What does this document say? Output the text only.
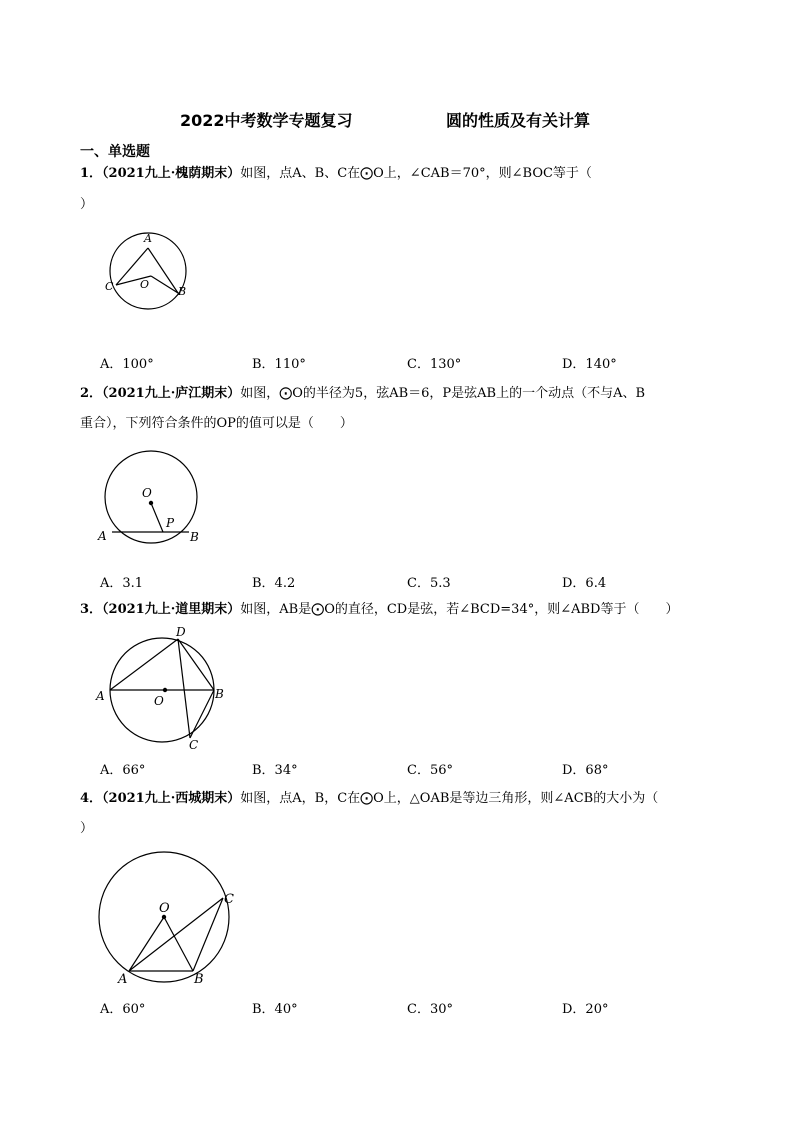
2022中考数学专题复习	圆的性质及有关计算
一、单选题
1．（2021九上·槐荫期末）如图，点A、B、C在⨀O上，∠CAB＝70°，则∠BOC等于（
）
A
C O
B
A．100°	B．110°	C．130°	D．140°
2．（2021九上·庐江期末）如图，⨀O的半径为5，弦AB＝6，P是弦AB上的一个动点（不与A、B
重合），下列符合条件的OP的值可以是（　　）
O
P
A	B
A．3.1	B．4.2	C．5.3	D．6.4
3．（2021九上·道里期末）如图，AB是⨀O的直径，CD是弦，若∠BCD=34°，则∠ABD等于（　　）
D
A	O	B
C
A．66°	B．34°	C．56°	D．68°
4．（2021九上·西城期末）如图，点A，B，C在⨀O上，△OAB是等边三角形，则∠ACB的大小为（
）
O
C
A	B
A．60°	B．40°	C．30°	D．20°
